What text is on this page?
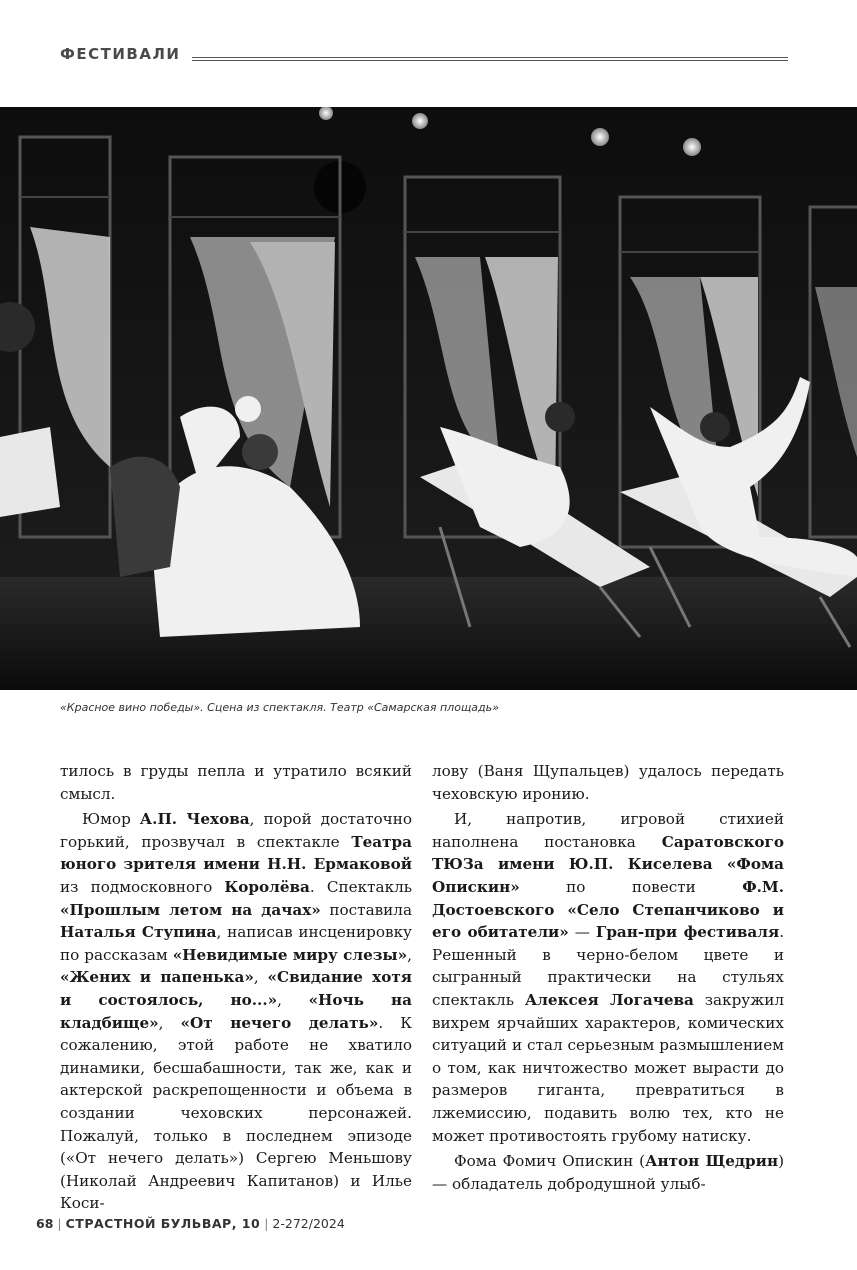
ФЕСТИВАЛИ
«Красное вино победы». Сцена из спектакля. Театр «Самарская площадь»

тилось в груды пепла и утратило всякий смысл.

Юмор А.П. Чехова, порой достаточно горький, прозвучал в спектакле Театра юного зрителя имени Н.Н. Ермаковой из подмосковного Королёва. Спектакль «Прошлым летом на дачах» поставила Наталья Ступина, написав инсценировку по рассказам «Невидимые миру слезы», «Жених и папенька», «Свидание хотя и состоялось, но...», «Ночь на кладбище», «От нечего делать». К сожалению, этой работе не хватило динамики, бесшабашности, так же, как и актерской раскрепощенности и объема в создании чеховских персонажей. Пожалуй, только в последнем эпизоде («От нечего делать») Сергею Меньшову (Николай Андреевич Капитанов) и Илье Коси-

лову (Ваня Щупальцев) удалось передать чеховскую иронию.

И, напротив, игровой стихией наполнена постановка Саратовского ТЮЗа имени Ю.П. Киселева «Фома Опискин» по повести Ф.М. Достоевского «Село Степанчиково и его обитатели» — Гран-при фестиваля. Решенный в черно-белом цвете и сыгранный практически на стульях спектакль Алексея Логачева закружил вихрем ярчайших характеров, комических ситуаций и стал серьезным размышлением о том, как ничтожество может вырасти до размеров гиганта, превратиться в лжемиссию, подавить волю тех, кто не может противостоять грубому натиску.

Фома Фомич Опискин (Антон Щедрин) — обладатель добродушной улыб-

68 | СТРАСТНОЙ БУЛЬВАР, 10 | 2-272/2024
